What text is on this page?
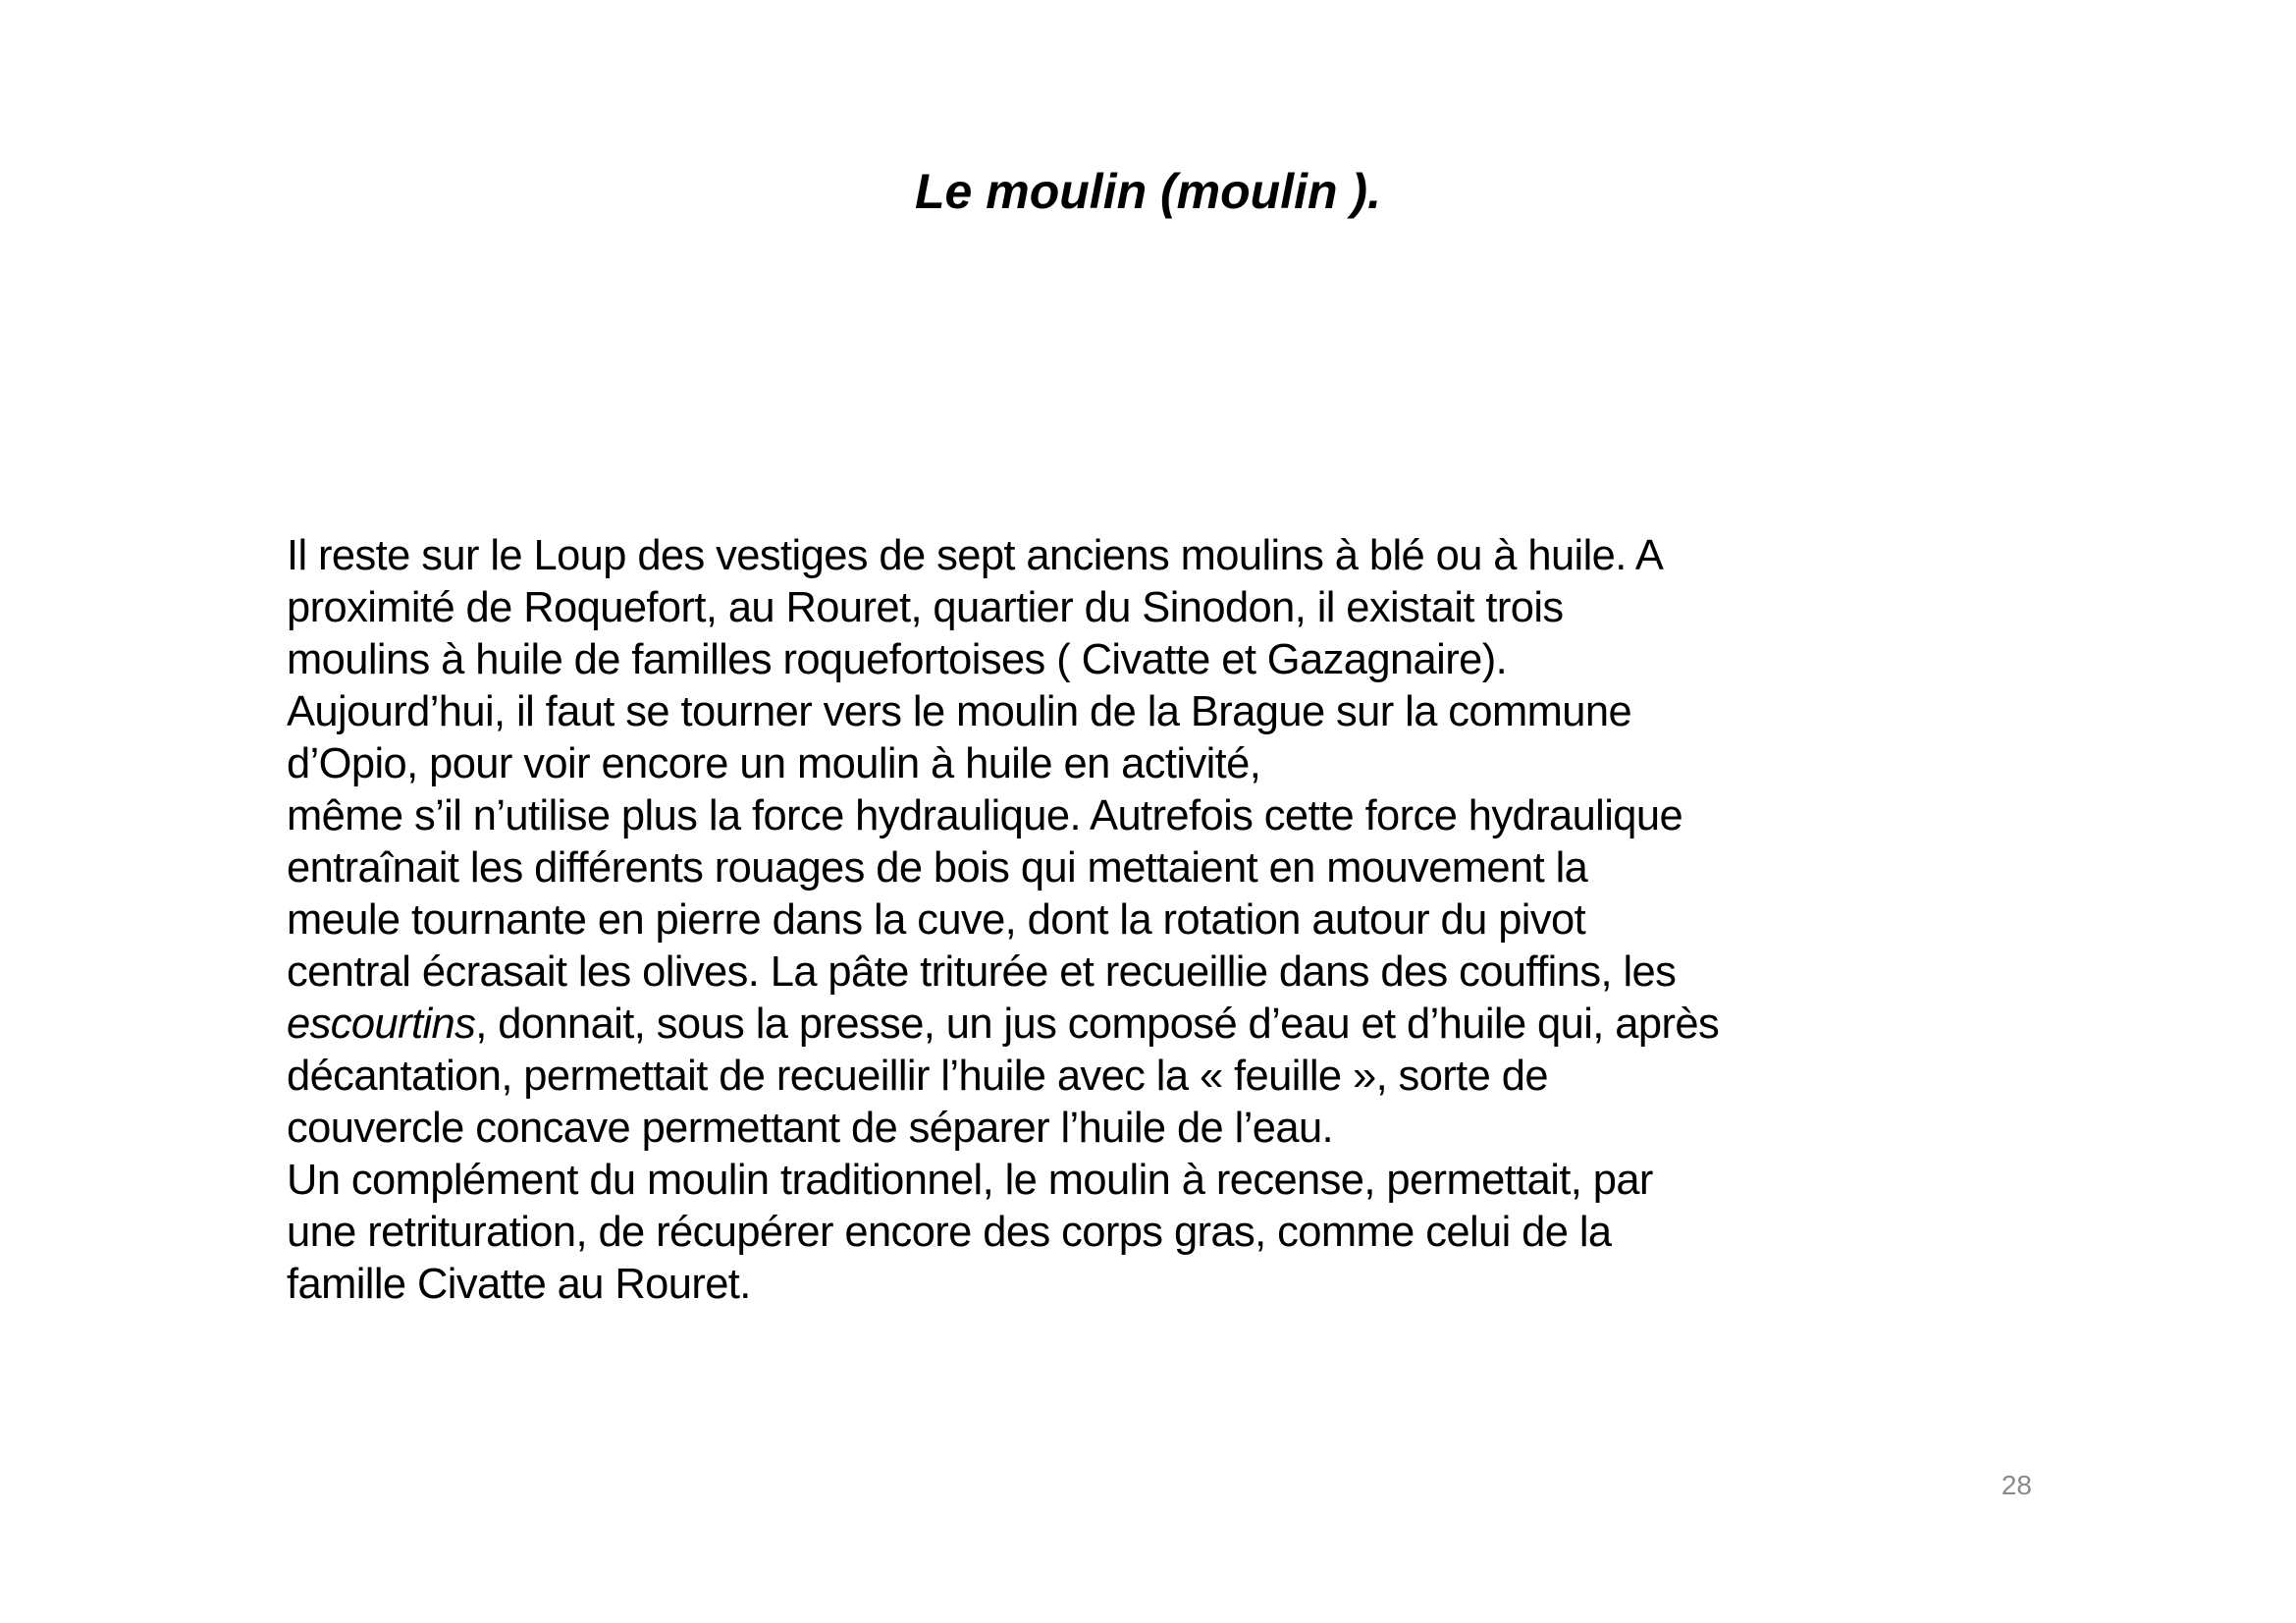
Le moulin (moulin ).
Il reste sur le Loup des vestiges de sept anciens moulins à blé ou à huile. A
proximité de Roquefort, au Rouret, quartier du Sinodon, il existait trois
moulins à huile de familles roquefortoises ( Civatte et Gazagnaire).
Aujourd’hui, il faut se tourner vers le moulin de la Brague sur la commune
d’Opio, pour voir encore un moulin à huile en activité,
même s’il n’utilise plus la force hydraulique. Autrefois cette force hydraulique
entraînait les différents rouages de bois qui mettaient en mouvement la
meule tournante en pierre dans la cuve, dont la rotation autour du pivot
central écrasait les olives. La pâte triturée et recueillie dans des couffins, les
escourtins, donnait, sous la presse, un jus composé d’eau et d’huile qui, après
décantation, permettait de recueillir l’huile avec la « feuille », sorte de
couvercle concave permettant de séparer l’huile de l’eau.
Un complément du moulin traditionnel, le moulin à recense, permettait, par
une retrituration, de récupérer encore des corps gras, comme celui de la
famille Civatte au Rouret.
28
